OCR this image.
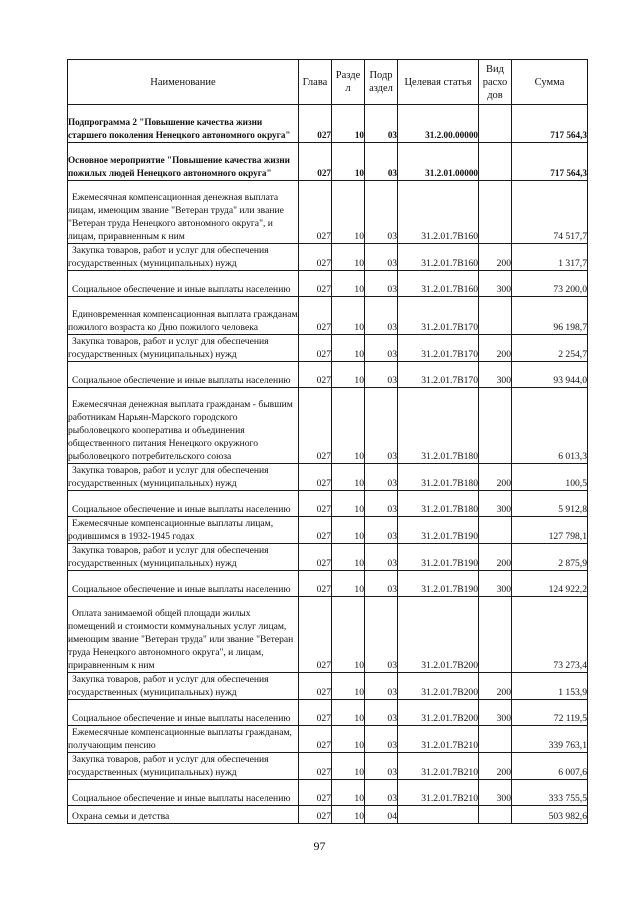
Наименование	Глава	Разде л	Подр аздел	Целевая статья	Вид расхо дов	Сумма
Подпрограмма 2 "Повышение качества жизни старшего поколения Ненецкого автономного округа"	027	10	03	31.2.00.00000		717 564,3
Основное мероприятие "Повышение качества жизни пожилых людей Ненецкого автономного округа"	027	10	03	31.2.01.00000		717 564,3
Ежемесячная компенсационная денежная выплата лицам, имеющим звание "Ветеран труда" или звание "Ветеран труда Ненецкого автономного округа", и лицам, приравненным к ним	027	10	03	31.2.01.7В160		74 517,7
Закупка товаров, работ и услуг для обеспечения государственных (муниципальных) нужд	027	10	03	31.2.01.7В160	200	1 317,7
Социальное обеспечение и иные выплаты населению	027	10	03	31.2.01.7В160	300	73 200,0
Единовременная компенсационная выплата гражданам пожилого возраста ко Дню пожилого человека	027	10	03	31.2.01.7В170		96 198,7
Закупка товаров, работ и услуг для обеспечения государственных (муниципальных) нужд	027	10	03	31.2.01.7В170	200	2 254,7
Социальное обеспечение и иные выплаты населению	027	10	03	31.2.01.7В170	300	93 944,0
Ежемесячная денежная выплата гражданам - бывшим работникам Нарьян-Марского городского рыболовецкого кооператива и объединения общественного питания Ненецкого окружного рыболовецкого потребительского союза	027	10	03	31.2.01.7В180		6 013,3
Закупка товаров, работ и услуг для обеспечения государственных (муниципальных) нужд	027	10	03	31.2.01.7В180	200	100,5
Социальное обеспечение и иные выплаты населению	027	10	03	31.2.01.7В180	300	5 912,8
Ежемесячные компенсационные выплаты лицам, родившимся в 1932-1945 годах	027	10	03	31.2.01.7В190		127 798,1
Закупка товаров, работ и услуг для обеспечения государственных (муниципальных) нужд	027	10	03	31.2.01.7В190	200	2 875,9
Социальное обеспечение и иные выплаты населению	027	10	03	31.2.01.7В190	300	124 922,2
Оплата занимаемой общей площади жилых помещений и стоимости коммунальных услуг лицам, имеющим звание "Ветеран труда" или звание "Ветеран труда Ненецкого автономного округа", и лицам, приравненным к ним	027	10	03	31.2.01.7В200		73 273,4
Закупка товаров, работ и услуг для обеспечения государственных (муниципальных) нужд	027	10	03	31.2.01.7В200	200	1 153,9
Социальное обеспечение и иные выплаты населению	027	10	03	31.2.01.7В200	300	72 119,5
Ежемесячные компенсационные выплаты гражданам, получающим пенсию	027	10	03	31.2.01.7В210		339 763,1
Закупка товаров, работ и услуг для обеспечения государственных (муниципальных) нужд	027	10	03	31.2.01.7В210	200	6 007,6
Социальное обеспечение и иные выплаты населению	027	10	03	31.2.01.7В210	300	333 755,5
Охрана семьи и детства	027	10	04			503 982,6
97
